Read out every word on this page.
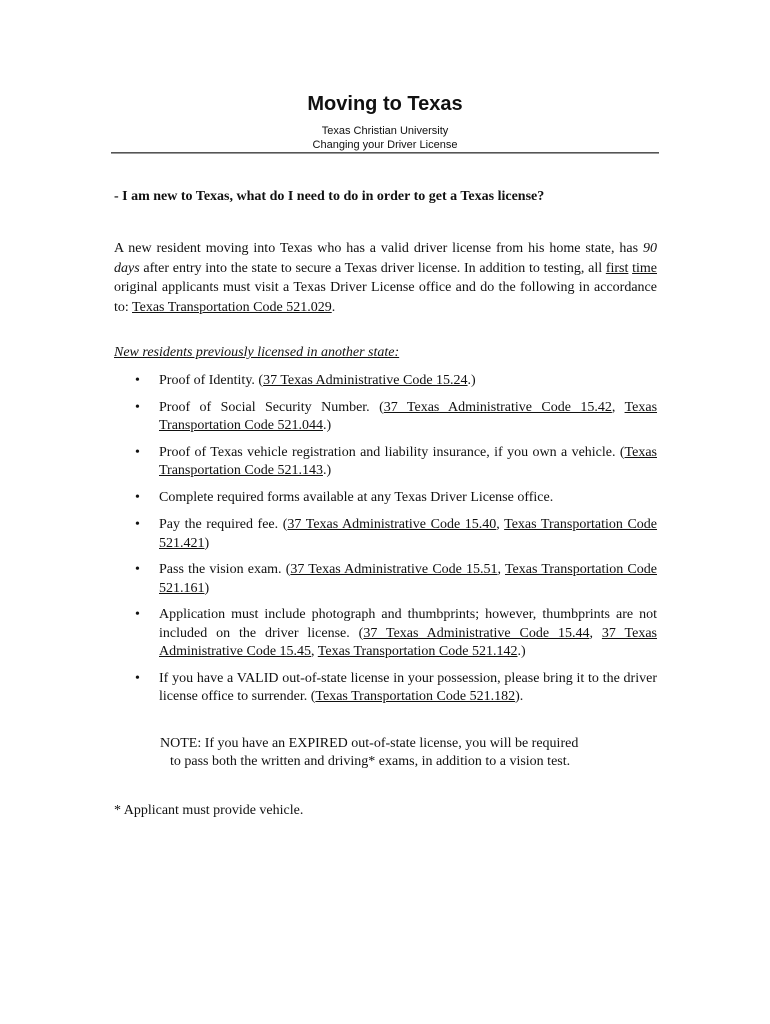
Moving to Texas

Texas Christian University

Changing your Driver License

- I am new to Texas, what do I need to do in order to get a Texas license?

A new resident moving into Texas who has a valid driver license from his home state, has 90 days after entry into the state to secure a Texas driver license. In addition to testing, all first time original applicants must visit a Texas Driver License office and do the following in accordance to: Texas Transportation Code 521.029.

New residents previously licensed in another state:

• Proof of Identity. (37 Texas Administrative Code 15.24.)
• Proof of Social Security Number. (37 Texas Administrative Code 15.42, Texas Transportation Code 521.044.)
• Proof of Texas vehicle registration and liability insurance, if you own a vehicle. (Texas Transportation Code 521.143.)
• Complete required forms available at any Texas Driver License office.
• Pay the required fee. (37 Texas Administrative Code 15.40, Texas Transportation Code 521.421)
• Pass the vision exam. (37 Texas Administrative Code 15.51, Texas Transportation Code 521.161)
• Application must include photograph and thumbprints; however, thumbprints are not included on the driver license. (37 Texas Administrative Code 15.44, 37 Texas Administrative Code 15.45, Texas Transportation Code 521.142.)
• If you have a VALID out-of-state license in your possession, please bring it to the driver license office to surrender. (Texas Transportation Code 521.182).

NOTE: If you have an EXPIRED out-of-state license, you will be required
to pass both the written and driving* exams, in addition to a vision test.

* Applicant must provide vehicle.
